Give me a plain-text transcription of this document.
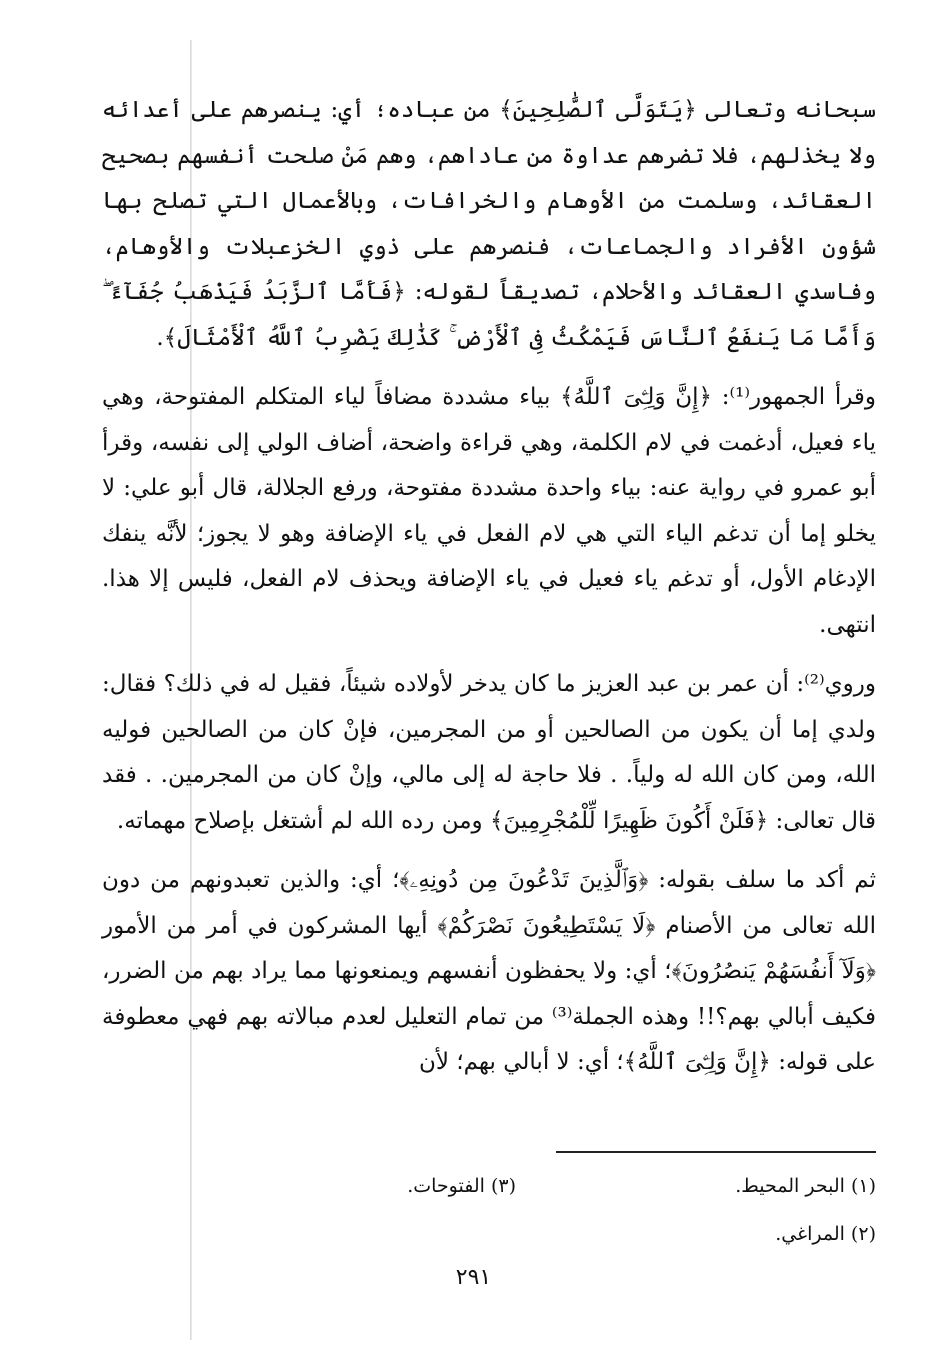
سبحانه وتعالى ﴿يَتَوَلَّى ٱلصَّٰلِحِينَ﴾ من عباده؛ أي: ينصرهم على أعدائه ولا يخذلهم، فلا تضرهم عداوة من عاداهم، وهم مَنْ صلحت أنفسهم بصحيح العقائد، وسلمت من الأوهام والخرافات، وبالأعمال التي تصلح بها شؤون الأفراد والجماعات، فنصرهم على ذوي الخزعبلات والأوهام، وفاسدي العقائد والأحلام، تصديقاً لقوله: ﴿فَأَمَّا ٱلزَّبَدُ فَيَذْهَبُ جُفَآءً ۖ وَأَمَّا مَا يَنفَعُ ٱلنَّاسَ فَيَمْكُثُ فِى ٱلْأَرْضِ ۚ كَذَٰلِكَ يَضْرِبُ ٱللَّهُ ٱلْأَمْثَالَ﴾.

وقرأ الجمهور⁽¹⁾: ﴿إِنَّ وَلِـِّۧىَ ٱللَّهُ﴾ بياء مشددة مضافاً لياء المتكلم المفتوحة، وهي ياء فعيل، أدغمت في لام الكلمة، وهي قراءة واضحة، أضاف الولي إلى نفسه، وقرأ أبو عمرو في رواية عنه: بياء واحدة مشددة مفتوحة، ورفع الجلالة، قال أبو علي: لا يخلو إما أن تدغم الياء التي هي لام الفعل في ياء الإضافة وهو لا يجوز؛ لأنَّه ينفك الإدغام الأول، أو تدغم ياء فعيل في ياء الإضافة ويحذف لام الفعل، فليس إلا هذا. انتهى.

وروي⁽²⁾: أن عمر بن عبد العزيز ما كان يدخر لأولاده شيئاً، فقيل له في ذلك؟ فقال: ولدي إما أن يكون من الصالحين أو من المجرمين، فإنْ كان من الصالحين فوليه الله، ومن كان الله له ولياً. . فلا حاجة له إلى مالي، وإنْ كان من المجرمين. . فقد قال تعالى: ﴿فَلَنْ أَكُونَ ظَهِيرًا لِّلْمُجْرِمِينَ﴾ ومن رده الله لم أشتغل بإصلاح مهماته.

ثم أكد ما سلف بقوله: ﴿وَٱلَّذِينَ تَدْعُونَ مِن دُونِهِۦ﴾؛ أي: والذين تعبدونهم من دون الله تعالى من الأصنام ﴿لَا يَسْتَطِيعُونَ نَصْرَكُمْ﴾ أيها المشركون في أمر من الأمور ﴿وَلَآ أَنفُسَهُمْ يَنصُرُونَ﴾؛ أي: ولا يحفظون أنفسهم ويمنعونها مما يراد بهم من الضرر، فكيف أبالي بهم؟!! وهذه الجملة⁽³⁾ من تمام التعليل لعدم مبالاته بهم فهي معطوفة على قوله: ﴿إِنَّ وَلِـِّۧىَ ٱللَّهُ﴾؛ أي: لا أبالي بهم؛ لأن

(١) البحر المحيط.
(٣) الفتوحات.
(٢) المراغي.
٢٩١
